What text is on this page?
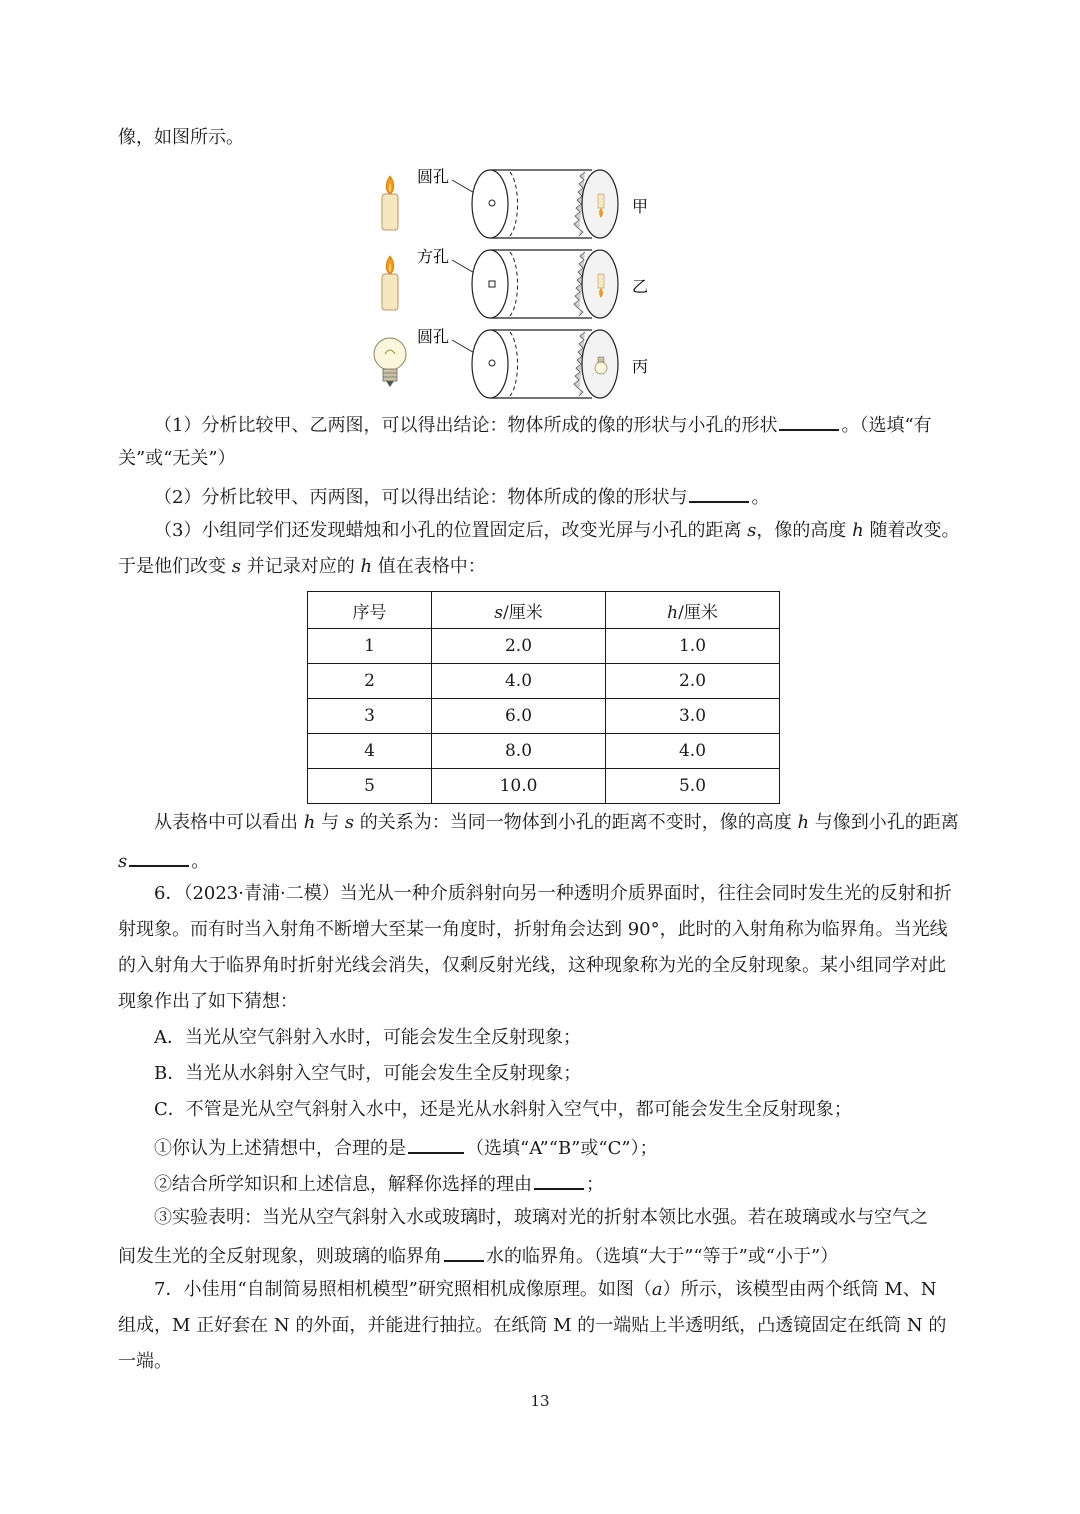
像，如图所示。
圆孔
甲
方孔
乙
圆孔
丙
（1）分析比较甲、乙两图，可以得出结论：物体所成的像的形状与小孔的形状	。（选填“有
关”或“无关”）
（2）分析比较甲、丙两图，可以得出结论：物体所成的像的形状与	。
（3）小组同学们还发现蜡烛和小孔的位置固定后，改变光屏与小孔的距离 s，像的高度 h 随着改变。
于是他们改变 s 并记录对应的 h 值在表格中：
序号	s/厘米	h/厘米
1	2.0	1.0
2	4.0	2.0
3	6.0	3.0
4	8.0	4.0
5	10.0	5.0
从表格中可以看出 h 与 s 的关系为：当同一物体到小孔的距离不变时，像的高度 h 与像到小孔的距离
s	。
6．（2023·青浦·二模）当光从一种介质斜射向另一种透明介质界面时，往往会同时发生光的反射和折
射现象。而有时当入射角不断增大至某一角度时，折射角会达到 90°，此时的入射角称为临界角。当光线
的入射角大于临界角时折射光线会消失，仅剩反射光线，这种现象称为光的全反射现象。某小组同学对此
现象作出了如下猜想：
A．当光从空气斜射入水时，可能会发生全反射现象；
B．当光从水斜射入空气时，可能会发生全反射现象；
C．不管是光从空气斜射入水中，还是光从水斜射入空气中，都可能会发生全反射现象；
①你认为上述猜想中，合理的是	（选填“A”“B”或“C”）；
②结合所学知识和上述信息，解释你选择的理由	；
③实验表明：当光从空气斜射入水或玻璃时，玻璃对光的折射本领比水强。若在玻璃或水与空气之
间发生光的全反射现象，则玻璃的临界角 水的临界角。（选填“大于”“等于”或“小于”）
7．小佳用“自制简易照相机模型”研究照相机成像原理。如图（a）所示，该模型由两个纸筒 M、N
组成，M 正好套在 N 的外面，并能进行抽拉。在纸筒 M 的一端贴上半透明纸，凸透镜固定在纸筒 N 的
一端。
13
